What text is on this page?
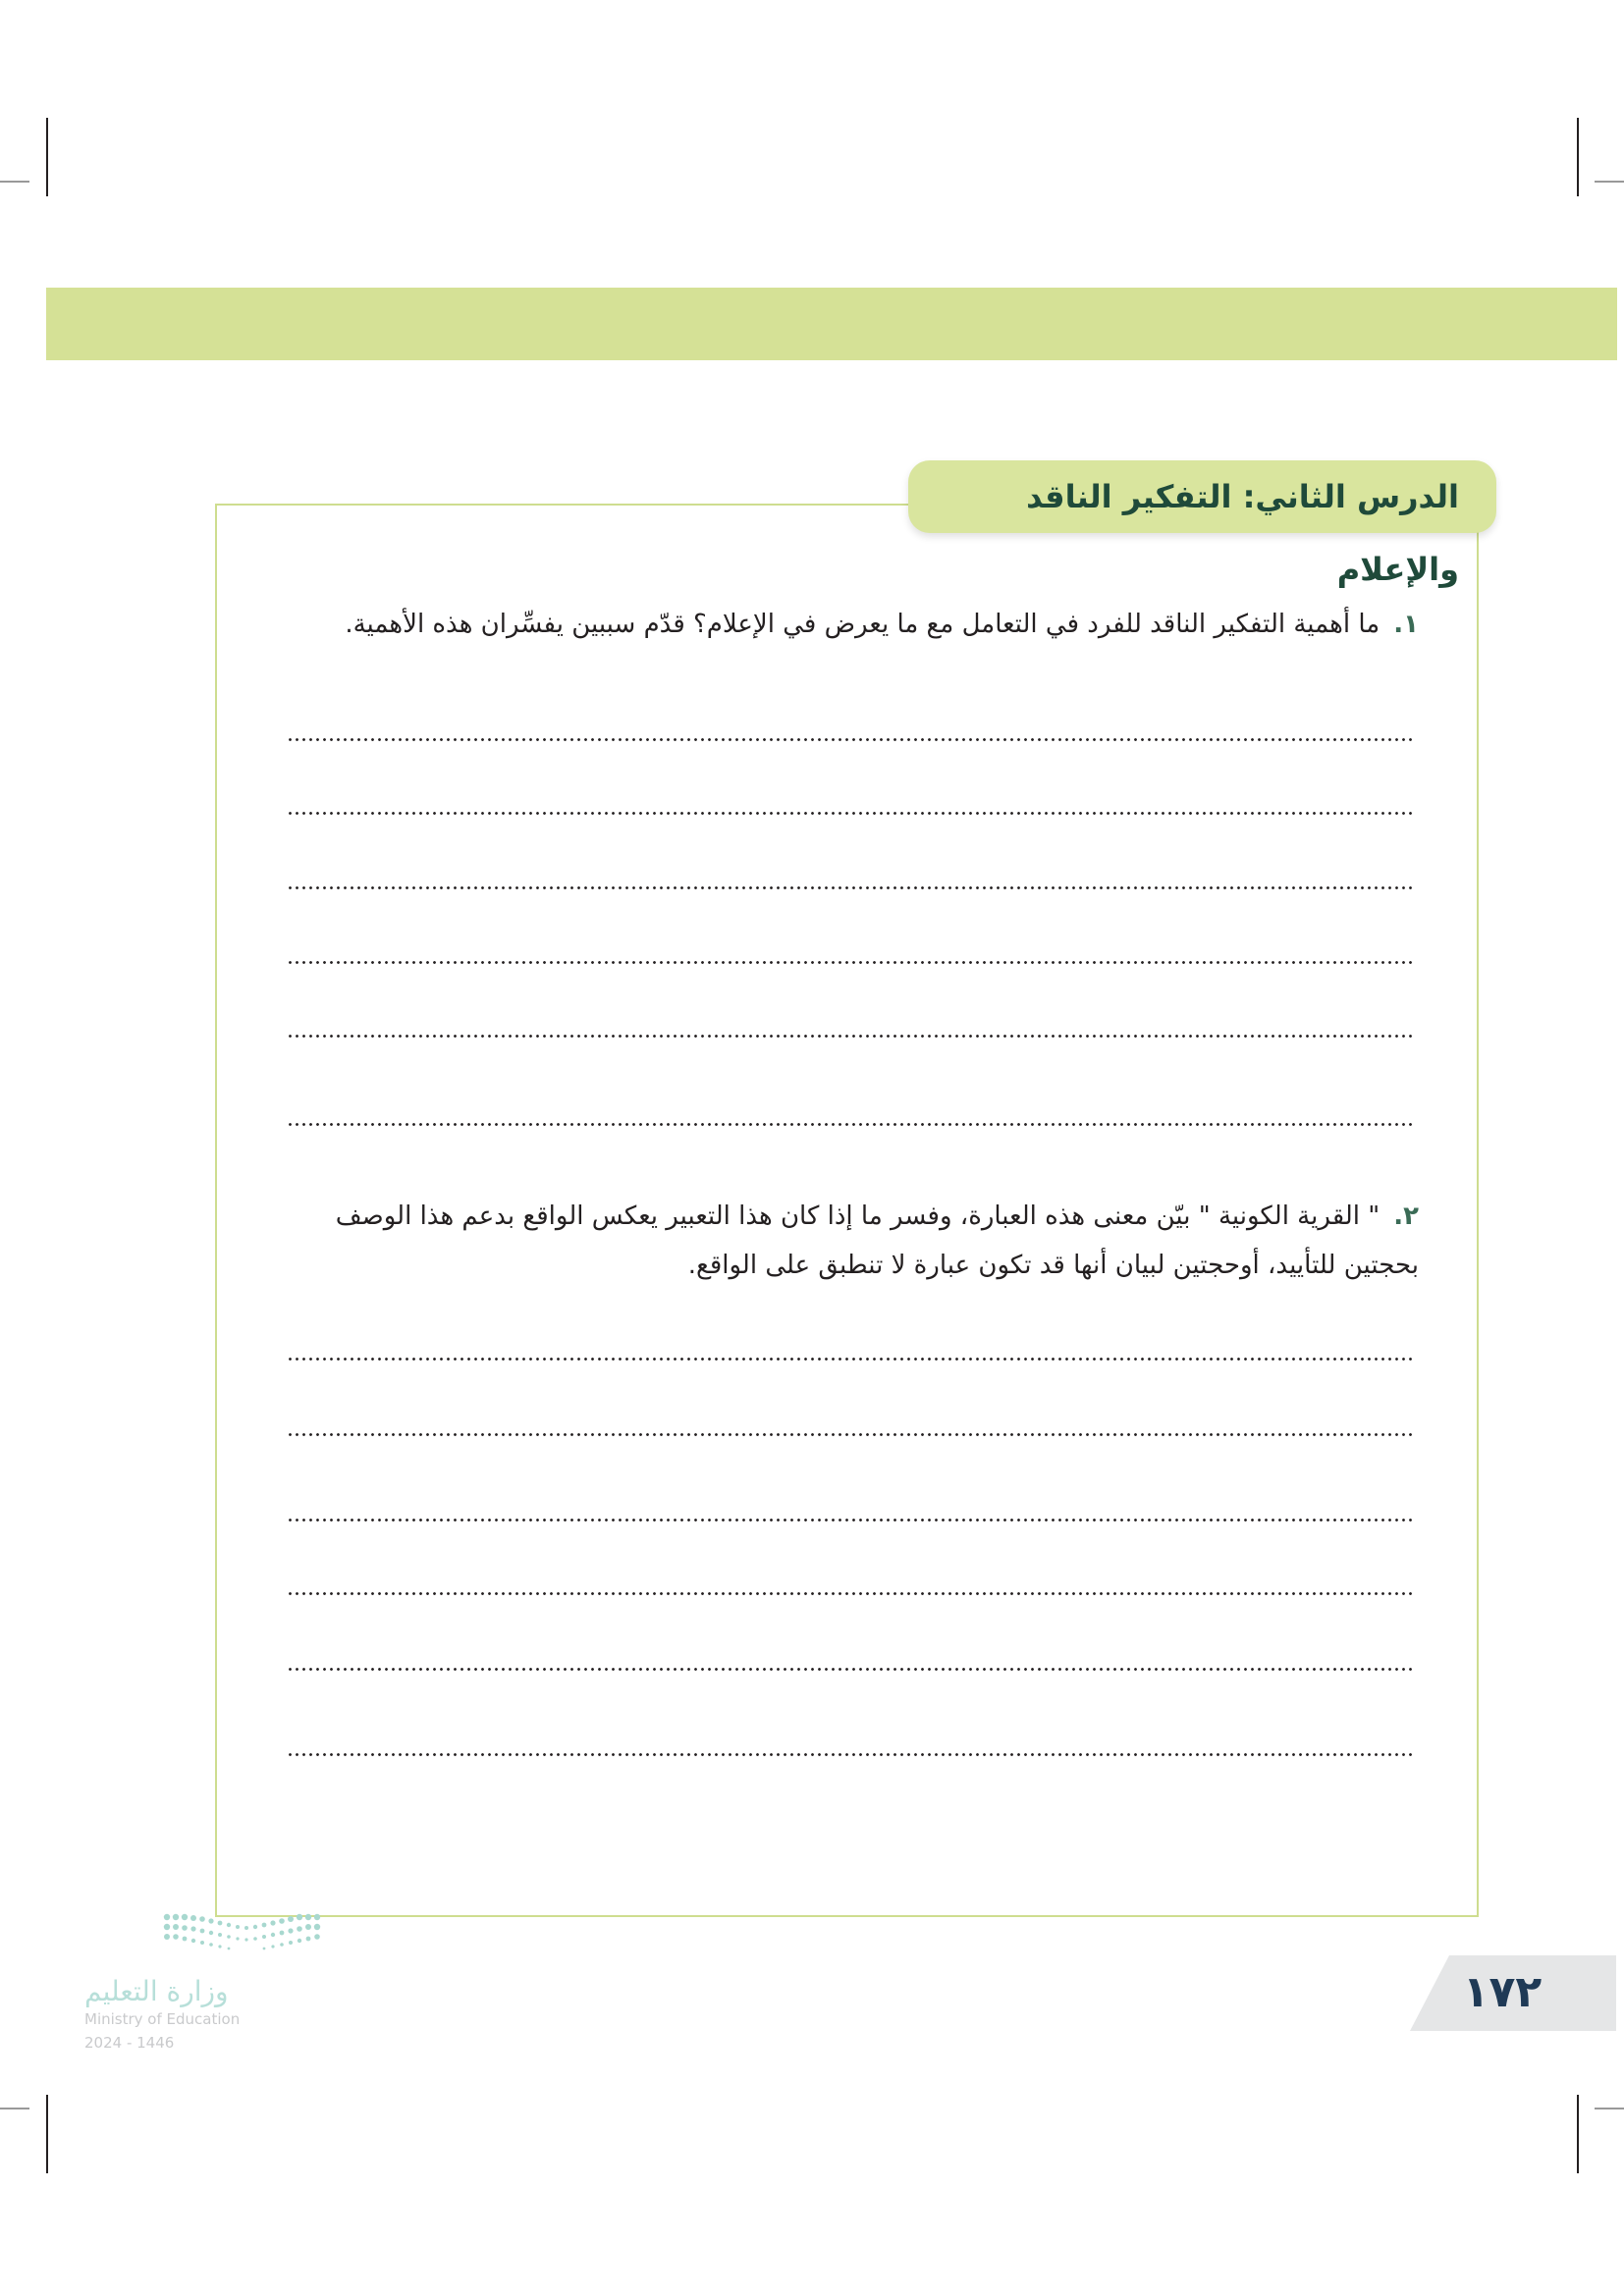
الدرس الثاني: التفكير الناقد والإعلام
١.ما أهمية التفكير الناقد للفرد في التعامل مع ما يعرض في الإعلام؟ قدّم سببين يفسِّران هذه الأهمية.
٢." القرية الكونية " بيّن معنى هذه العبارة، وفسر ما إذا كان هذا التعبير يعكس الواقع بدعم هذا الوصف
بحجتين للتأييد، أوحجتين لبيان أنها قد تكون عبارة لا تنطبق على الواقع.
١٧٢
وزارة التعليم
Ministry of Education
2024 - 1446
